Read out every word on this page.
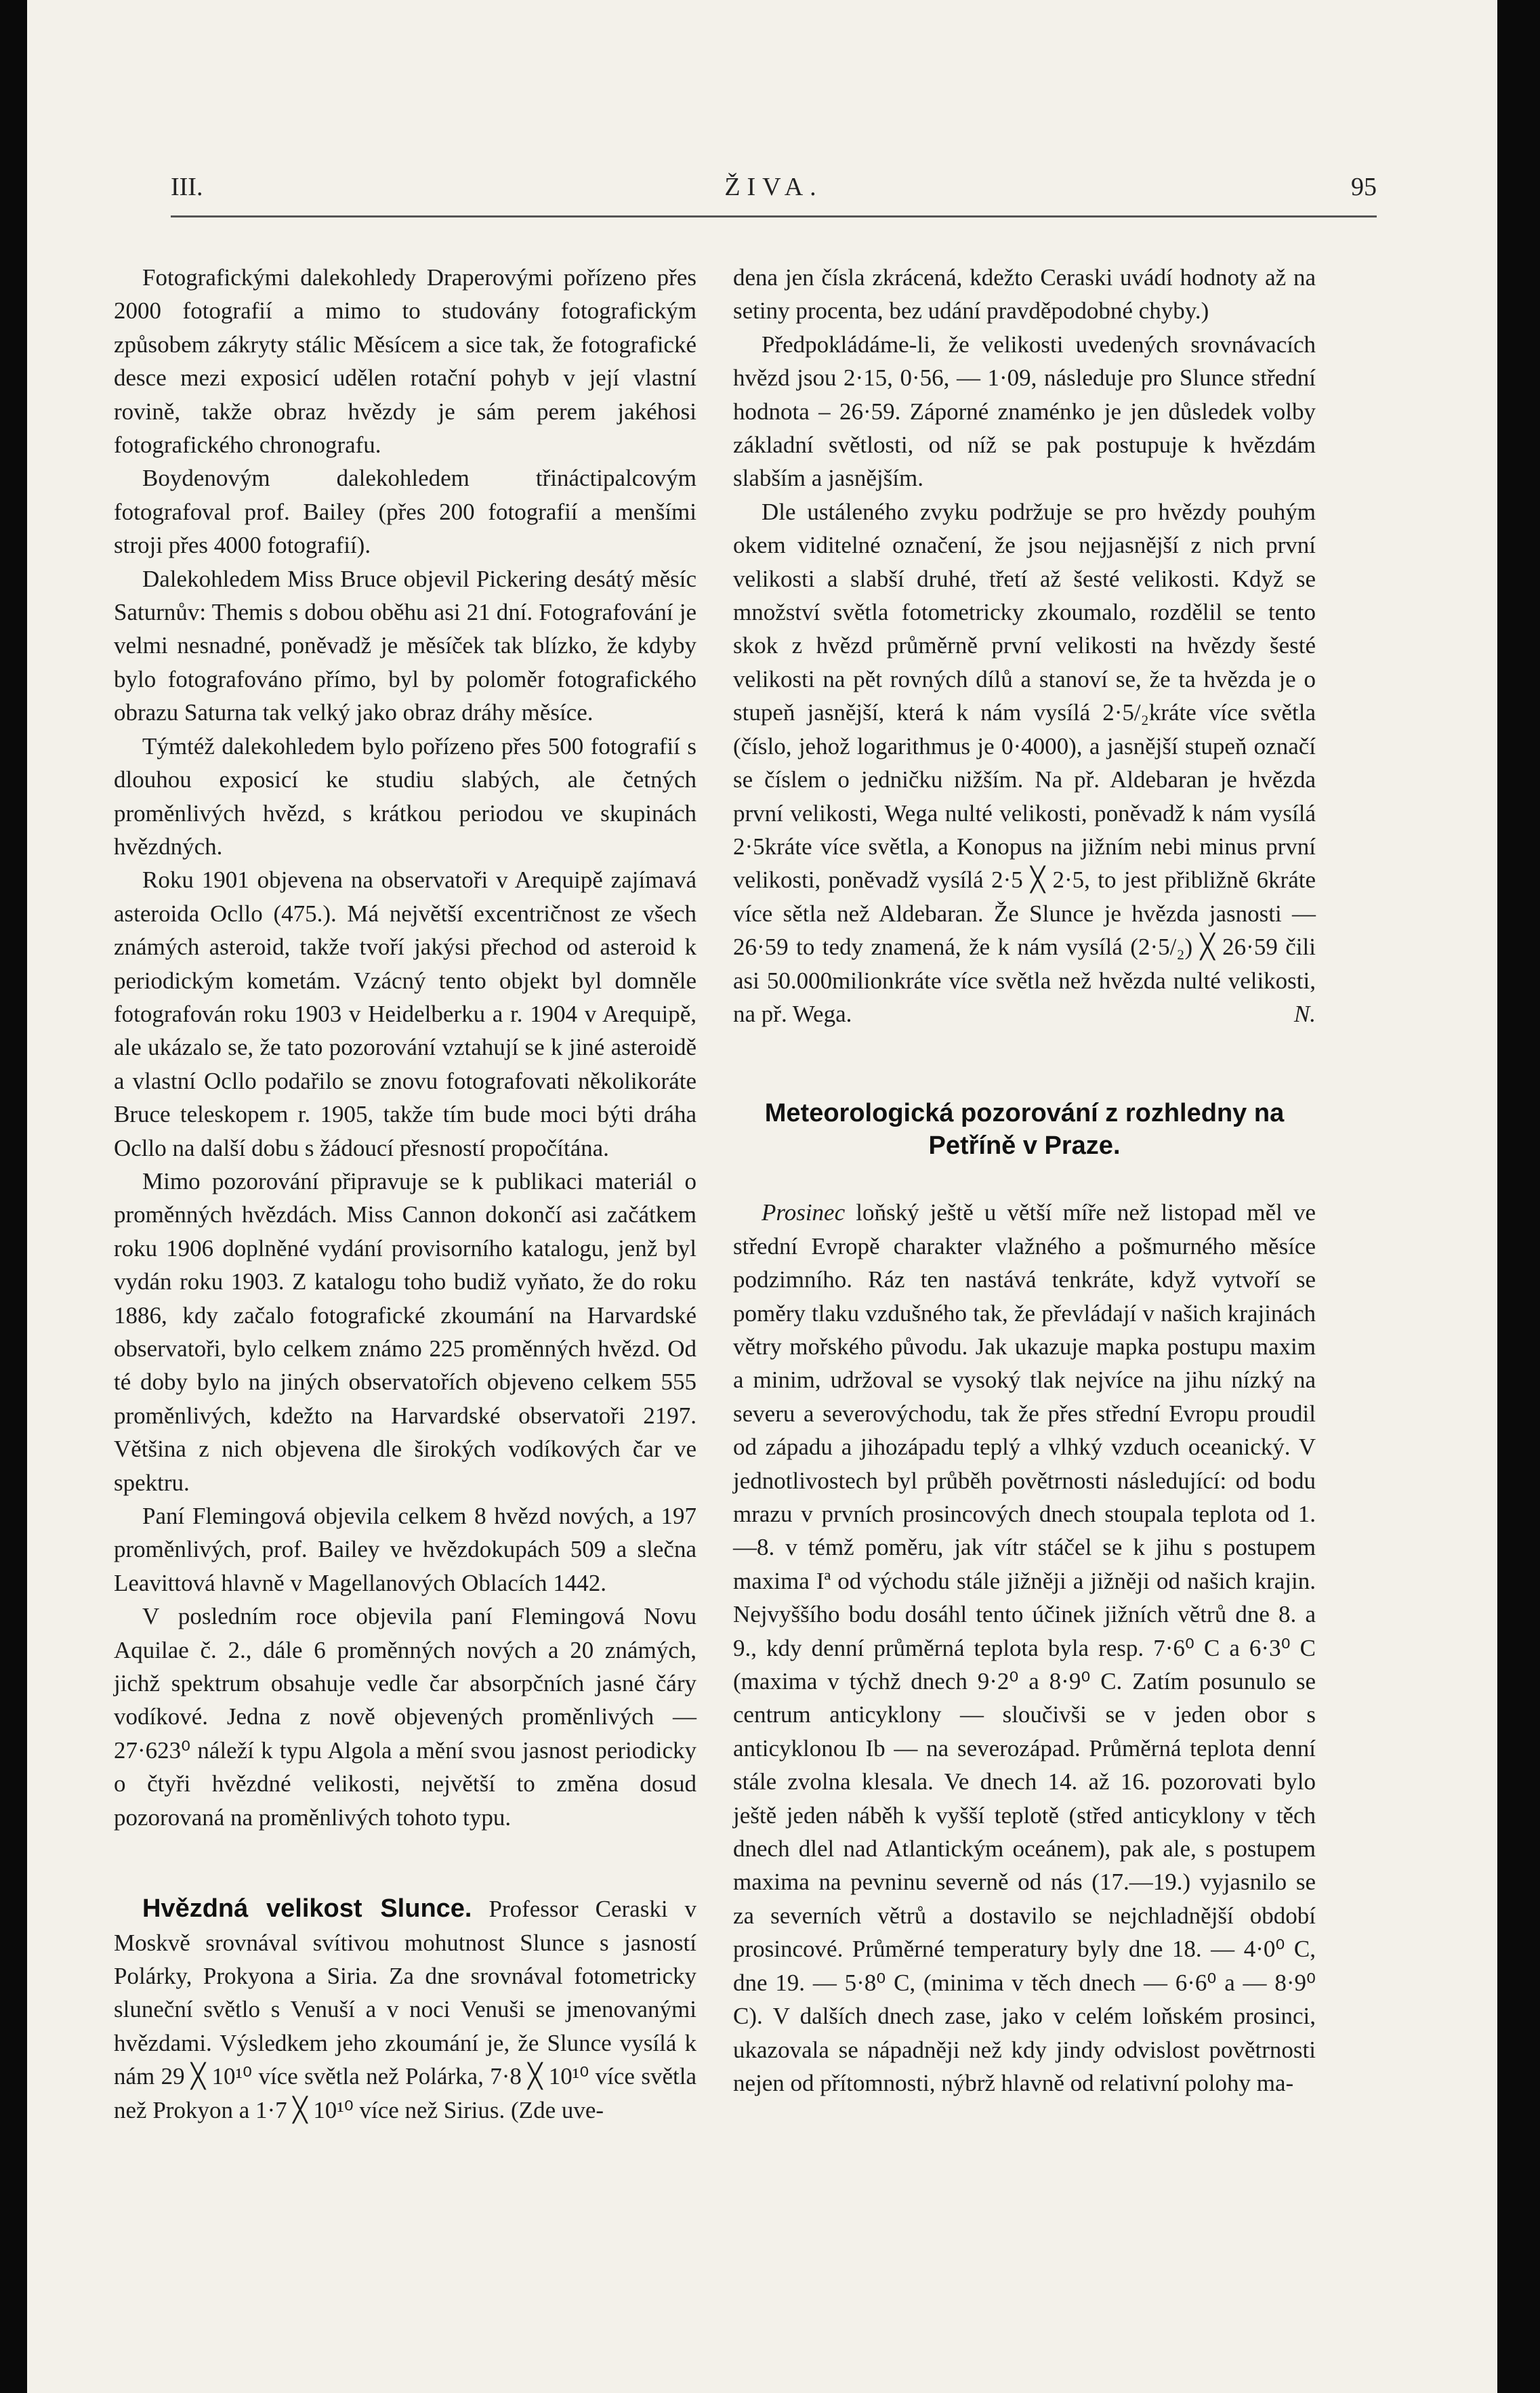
III.	ŽIVA.	95

Fotografickými dalekohledy Draperovými pořízeno přes 2000 fotografií a mimo to studovány fotografickým způsobem zákryty stálic Měsícem a sice tak, že fotografické desce mezi exposicí udělen rotační pohyb v její vlastní rovině, takže obraz hvězdy je sám perem jakéhosi fotografického chronografu.

Boydenovým dalekohledem třináctipalcovým fotografoval prof. Bailey (přes 200 fotografií a menšími stroji přes 4000 fotografií).

Dalekohledem Miss Bruce objevil Pickering desátý měsíc Saturnův: Themis s dobou oběhu asi 21 dní. Fotografování je velmi nesnadné, poněvadž je měsíček tak blízko, že kdyby bylo fotografováno přímo, byl by poloměr fotografického obrazu Saturna tak velký jako obraz dráhy měsíce.

Týmtéž dalekohledem bylo pořízeno přes 500 fotografií s dlouhou exposicí ke studiu slabých, ale četných proměnlivých hvězd, s krátkou periodou ve skupinách hvězdných.

Roku 1901 objevena na observatoři v Arequipě zajímavá asteroida Ocllo (475.). Má největší excentričnost ze všech známých asteroid, takže tvoří jakýsi přechod od asteroid k periodickým kometám. Vzácný tento objekt byl domněle fotografován roku 1903 v Heidelberku a r. 1904 v Arequipě, ale ukázalo se, že tato pozorování vztahují se k jiné asteroidě a vlastní Ocllo podařilo se znovu fotografovati několikoráte Bruce teleskopem r. 1905, takže tím bude moci býti dráha Ocllo na další dobu s žádoucí přesností propočítána.

Mimo pozorování připravuje se k publikaci materiál o proměnných hvězdách. Miss Cannon dokončí asi začátkem roku 1906 doplněné vydání provisorního katalogu, jenž byl vydán roku 1903. Z katalogu toho budiž vyňato, že do roku 1886, kdy začalo fotografické zkoumání na Harvardské observatoři, bylo celkem známo 225 proměnných hvězd. Od té doby bylo na jiných observatořích objeveno celkem 555 proměnlivých, kdežto na Harvardské observatoři 2197. Většina z nich objevena dle širokých vodíkových čar ve spektru.

Paní Flemingová objevila celkem 8 hvězd nových, a 197 proměnlivých, prof. Bailey ve hvězdokupách 509 a slečna Leavittová hlavně v Magellanových Oblacích 1442.

V posledním roce objevila paní Flemingová Novu Aquilae č. 2., dále 6 proměnných nových a 20 známých, jichž spektrum obsahuje vedle čar absorpčních jasné čáry vodíkové. Jedna z nově objevených proměnlivých — 27·623⁰ náleží k typu Algola a mění svou jasnost periodicky o čtyři hvězdné velikosti, největší to změna dosud pozorovaná na proměnlivých tohoto typu.

Hvězdná velikost Slunce. Professor Ceraski v Moskvě srovnával svítivou mohutnost Slunce s jasností Polárky, Prokyona a Siria. Za dne srovnával fotometricky sluneční světlo s Venuší a v noci Venuši se jmenovanými hvězdami. Výsledkem jeho zkoumání je, že Slunce vysílá k nám 29 ╳ 10¹⁰ více světla než Polárka, 7·8 ╳ 10¹⁰ více světla než Prokyon a 1·7 ╳ 10¹⁰ více než Sirius. (Zde uve-

dena jen čísla zkrácená, kdežto Ceraski uvádí hodnoty až na setiny procenta, bez udání pravděpodobné chyby.)

Předpokládáme-li, že velikosti uvedených srovnávacích hvězd jsou 2·15, 0·56, — 1·09, následuje pro Slunce střední hodnota – 26·59. Záporné znaménko je jen důsledek volby základní světlosti, od níž se pak postupuje k hvězdám slabším a jasnějším.

Dle ustáleného zvyku podržuje se pro hvězdy pouhým okem viditelné označení, že jsou nejjasnější z nich první velikosti a slabší druhé, třetí až šesté velikosti. Když se množství světla fotometricky zkoumalo, rozdělil se tento skok z hvězd průměrně první velikosti na hvězdy šesté velikosti na pět rovných dílů a stanoví se, že ta hvězda je o stupeň jasnější, která k nám vysílá 2·5/₂kráte více světla (číslo, jehož logarithmus je 0·4000), a jasnější stupeň označí se číslem o jedničku nižším. Na př. Aldebaran je hvězda první velikosti, Wega nulté velikosti, poněvadž k nám vysílá 2·5kráte více světla, a Konopus na jižním nebi minus první velikosti, poněvadž vysílá 2·5 ╳ 2·5, to jest přibližně 6kráte více sětla než Aldebaran. Že Slunce je hvězda jasnosti — 26·59 to tedy znamená, že k nám vysílá (2·5/₂) ╳ 26·59 čili asi 50.000milionkráte více světla než hvězda nulté velikosti, na př. Wega.	N.

Meteorologická pozorování z rozhledny na Petříně v Praze.

Prosinec loňský ještě u větší míře než listopad měl ve střední Evropě charakter vlažného a pošmurného měsíce podzimního. Ráz ten nastává tenkráte, když vytvoří se poměry tlaku vzdušného tak, že převládají v našich krajinách větry mořského původu. Jak ukazuje mapka postupu maxim a minim, udržoval se vysoký tlak nejvíce na jihu nízký na severu a severovýchodu, tak že přes střední Evropu proudil od západu a jihozápadu teplý a vlhký vzduch oceanický. V jednotlivostech byl průběh povětrnosti následující: od bodu mrazu v prvních prosincových dnech stoupala teplota od 1.—8. v témž poměru, jak vítr stáčel se k jihu s postupem maxima Iª od východu stále jižněji a jižněji od našich krajin. Nejvyššího bodu dosáhl tento účinek jižních větrů dne 8. a 9., kdy denní průměrná teplota byla resp. 7·6⁰ C a 6·3⁰ C (maxima v týchž dnech 9·2⁰ a 8·9⁰ C. Zatím posunulo se centrum anticyklony — sloučivši se v jeden obor s anticyklonou Ib — na severozápad. Průměrná teplota denní stále zvolna klesala. Ve dnech 14. až 16. pozorovati bylo ještě jeden náběh k vyšší teplotě (střed anticyklony v těch dnech dlel nad Atlantickým oceánem), pak ale, s postupem maxima na pevninu severně od nás (17.—19.) vyjasnilo se za severních větrů a dostavilo se nejchladnější období prosincové. Průměrné temperatury byly dne 18. — 4·0⁰ C, dne 19. — 5·8⁰ C, (minima v těch dnech — 6·6⁰ a — 8·9⁰ C). V dalších dnech zase, jako v celém loňském prosinci, ukazovala se nápadněji než kdy jindy odvislost povětrnosti nejen od přítomnosti, nýbrž hlavně od relativní polohy ma-
